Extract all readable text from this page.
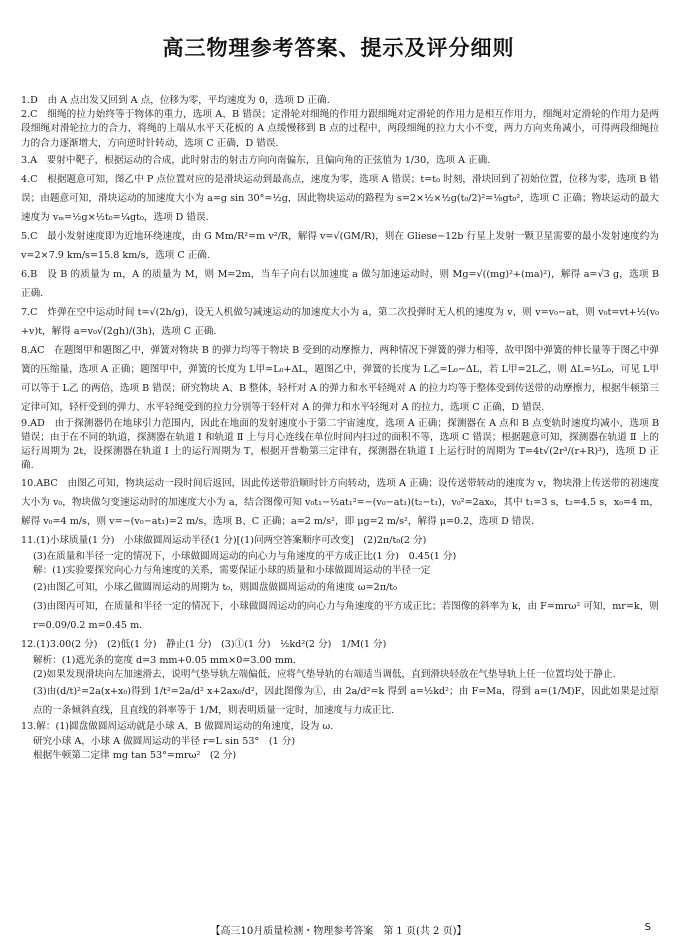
高三物理参考答案、提示及评分细则

1.D　由 A 点出发又回到 A 点，位移为零，平均速度为 0，选项 D 正确.

2.C　细绳的拉力始终等于物体的重力，选项 A、B 错误；定滑轮对细绳的作用力跟细绳对定滑轮的作用力是相互作用力，细绳对定滑轮的作用力是两段细绳对滑轮拉力的合力，将绳的上端从水平天花板的 A 点缓慢移到 B 点的过程中，两段细绳的拉力大小不变，两力方向夹角减小，可得两段细绳拉力的合力逐渐增大，方向逆时针转动，选项 C 正确，D 错误.

3.A　要射中靶子，根据运动的合成，此时射击的射击方向向南偏东，且偏向角的正弦值为 1/30，选项 A 正确.

4.C　根据题意可知，图乙中 P 点位置对应的是滑块运动到最高点，速度为零，选项 A 错误；t=t₀ 时刻，滑块回到了初始位置，位移为零，选项 B 错误；由题意可知，滑块运动的加速度大小为 a=g sin 30°=½g，因此物块运动的路程为 s=2×½×½g(t₀/2)²=⅛gt₀²，选项 C 正确；物块运动的最大速度为 vₘ=½g×½t₀=¼gt₀，选项 D 错误.

5.C　最小发射速度即为近地环绕速度，由 G Mm/R²=m v²/R，解得 v=√(GM/R)，则在 Gliese−12b 行星上发射一颗卫星需要的最小发射速度约为 v=2×7.9 km/s=15.8 km/s，选项 C 正确.

6.B　设 B 的质量为 m，A 的质量为 M，则 M=2m，当车子向右以加速度 a 做匀加速运动时，则 Mg=√((mg)²+(ma)²)，解得 a=√3 g，选项 B 正确.

7.C　炸弹在空中运动时间 t=√(2h/g)，设无人机做匀减速运动的加速度大小为 a，第二次投弹时无人机的速度为 v，则 v=v₀−at，则 v₀t=vt+½(v₀+v)t，解得 a=v₀√(2gh)/(3h)，选项 C 正确.

8.AC　在题图甲和题图乙中，弹簧对物块 B 的弹力均等于物块 B 受到的动摩擦力，两种情况下弹簧的弹力相等，故甲图中弹簧的伸长量等于图乙中弹簧的压缩量，选项 A 正确；题图甲中，弹簧的长度为 L甲=L₀+ΔL，题图乙中，弹簧的长度为 L乙=L₀−ΔL，若 L甲=2L乙，则 ΔL=⅓L₀，可见 L甲 可以等于 L乙 的两倍，选项 B 错误；研究物块 A、B 整体，轻杆对 A 的弹力和水平轻绳对 A 的拉力均等于整体受到传送带的动摩擦力，根据牛顿第三定律可知，轻杆受到的弹力、水平轻绳受到的拉力分别等于轻杆对 A 的弹力和水平轻绳对 A 的拉力，选项 C 正确，D 错误.

9.AD　由于探测器仍在地球引力范围内，因此在地面的发射速度小于第二宇宙速度，选项 A 正确；探测器在 A 点和 B 点变轨时速度均减小，选项 B 错误；由于在不同的轨道，探测器在轨道 Ⅰ 和轨道 Ⅱ 上与月心连线在单位时间内扫过的面积不等，选项 C 错误；根据题意可知，探测器在轨道 Ⅱ 上的运行周期为 2t，设探测器在轨道 Ⅰ 上的运行周期为 T，根据开普勒第三定律有，探测器在轨道 Ⅰ 上运行时的周期为 T=4t√(2r³/(r+R)³)，选项 D 正确.

10.ABC　由图乙可知，物块运动一段时间后返回，因此传送带沿顺时针方向转动，选项 A 正确；设传送带转动的速度为 v，物块滑上传送带的初速度大小为 v₀，物块做匀变速运动时的加速度大小为 a，结合图像可知 v₀t₁−½at₁²=−(v₀−at₁)(t₂−t₁)，v₀²=2ax₀，其中 t₁=3 s，t₂=4.5 s，x₀=4 m，解得 v₀=4 m/s，则 v=−(v₀−at₁)=2 m/s，选项 B、C 正确；a=2 m/s²，即 μg=2 m/s²，解得 μ=0.2，选项 D 错误.

11.(1)小球质量(1 分)　小球做圆周运动半径(1 分)[(1)问两空答案顺序可改变]　(2)2π/t₀(2 分)

(3)在质量和半径一定的情况下，小球做圆周运动的向心力与角速度的平方成正比(1 分)　0.45(1 分)

解：(1)实验要探究向心力与角速度的关系，需要保证小球的质量和小球做圆周运动的半径一定

(2)由图乙可知，小球乙做圆周运动的周期为 t₀，则圆盘做圆周运动的角速度 ω=2π/t₀

(3)由图丙可知，在质量和半径一定的情况下，小球做圆周运动的向心力与角速度的平方成正比；若图像的斜率为 k，由 F=mrω² 可知，mr=k，则 r=0.09/0.2 m=0.45 m.

12.(1)3.00(2 分)　(2)低(1 分)　静止(1 分)　(3)①(1 分)　½kd²(2 分)　1/M(1 分)

解析：(1)遮光条的宽度 d=3 mm+0.05 mm×0=3.00 mm.

(2)如果发现滑块向左加速滑去，说明气垫导轨左端偏低，应将气垫导轨的右端适当调低，直到滑块轻放在气垫导轨上任一位置均处于静止.

(3)由(d/t)²=2a(x+x₀)得到 1/t²=2a/d² x+2ax₀/d²，因此图像为①，由 2a/d²=k 得到 a=½kd²；由 F=Ma，得到 a=(1/M)F，因此如果是过原点的一条倾斜直线，且直线的斜率等于 1/M，则表明质量一定时，加速度与力成正比.

13.解：(1)圆盘做圆周运动就是小球 A、B 做圆周运动的角速度，设为 ω.

研究小球 A，小球 A 做圆周运动的半径 r=L sin 53°　(1 分)

根据牛顿第二定律 mg tan 53°=mrω²　(2 分)

【高三10月质量检测・物理参考答案　第 1 页(共 2 页)】	S
